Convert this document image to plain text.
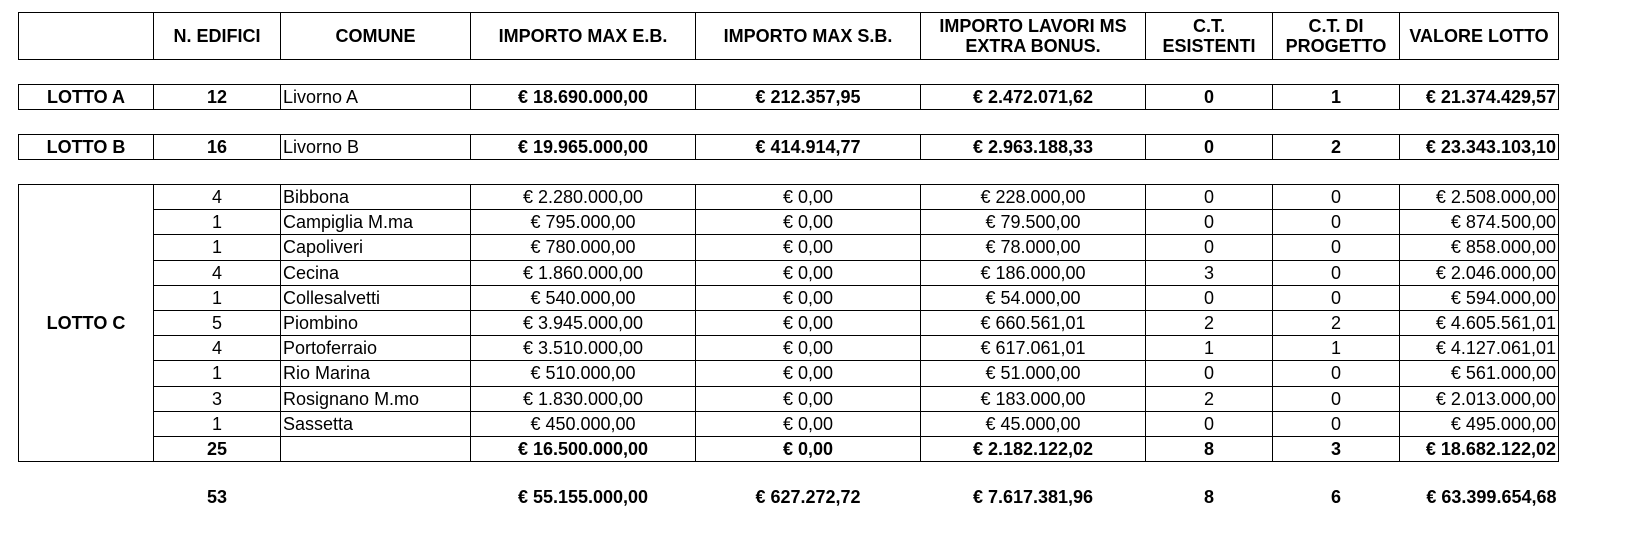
	N. EDIFICI	COMUNE	IMPORTO MAX E.B.	IMPORTO MAX S.B.	IMPORTO LAVORI MS EXTRA BONUS.	C.T. ESISTENTI	C.T. DI PROGETTO	VALORE LOTTO

LOTTO A	12	Livorno A	€ 18.690.000,00	€ 212.357,95	€ 2.472.071,62	0	1	€ 21.374.429,57

LOTTO B	16	Livorno B	€ 19.965.000,00	€ 414.914,77	€ 2.963.188,33	0	2	€ 23.343.103,10

LOTTO C	4	Bibbona	€ 2.280.000,00	€ 0,00	€ 228.000,00	0	0	€ 2.508.000,00
	1	Campiglia M.ma	€ 795.000,00	€ 0,00	€ 79.500,00	0	0	€ 874.500,00
	1	Capoliveri	€ 780.000,00	€ 0,00	€ 78.000,00	0	0	€ 858.000,00
	4	Cecina	€ 1.860.000,00	€ 0,00	€ 186.000,00	3	0	€ 2.046.000,00
	1	Collesalvetti	€ 540.000,00	€ 0,00	€ 54.000,00	0	0	€ 594.000,00
	5	Piombino	€ 3.945.000,00	€ 0,00	€ 660.561,01	2	2	€ 4.605.561,01
	4	Portoferraio	€ 3.510.000,00	€ 0,00	€ 617.061,01	1	1	€ 4.127.061,01
	1	Rio Marina	€ 510.000,00	€ 0,00	€ 51.000,00	0	0	€ 561.000,00
	3	Rosignano M.mo	€ 1.830.000,00	€ 0,00	€ 183.000,00	2	0	€ 2.013.000,00
	1	Sassetta	€ 450.000,00	€ 0,00	€ 45.000,00	0	0	€ 495.000,00
	25		€ 16.500.000,00	€ 0,00	€ 2.182.122,02	8	3	€ 18.682.122,02

	53		€ 55.155.000,00	€ 627.272,72	€ 7.617.381,96	8	6	€ 63.399.654,68
